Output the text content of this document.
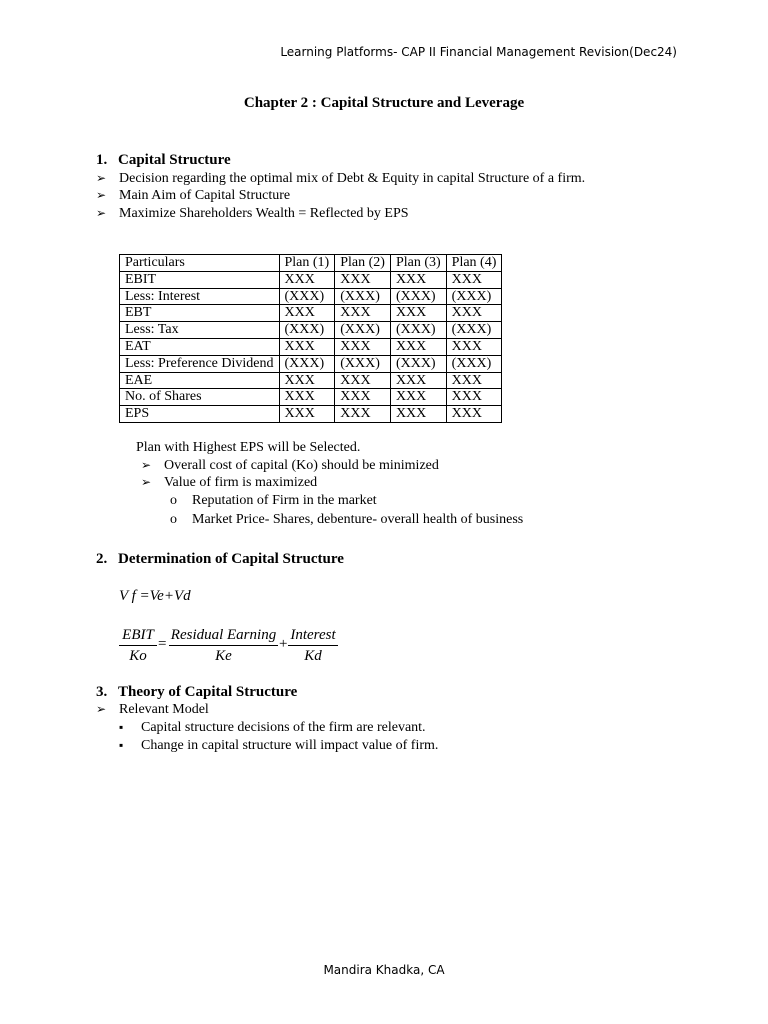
Learning Platforms- CAP II Financial Management Revision(Dec24)
Chapter 2 : Capital Structure and Leverage
1. Capital Structure
➢ Decision regarding the optimal mix of Debt & Equity in capital Structure of a firm.
➢ Main Aim of Capital Structure
➢ Maximize Shareholders Wealth = Reflected by EPS
Particulars	Plan (1)	Plan (2)	Plan (3)	Plan (4)
EBIT	XXX	XXX	XXX	XXX
Less: Interest	(XXX)	(XXX)	(XXX)	(XXX)
EBT	XXX	XXX	XXX	XXX
Less: Tax	(XXX)	(XXX)	(XXX)	(XXX)
EAT	XXX	XXX	XXX	XXX
Less: Preference Dividend	(XXX)	(XXX)	(XXX)	(XXX)
EAE	XXX	XXX	XXX	XXX
No. of Shares	XXX	XXX	XXX	XXX
EPS	XXX	XXX	XXX	XXX
Plan with Highest EPS will be Selected.
➢ Overall cost of capital (Ko) should be minimized
➢ Value of firm is maximized
o Reputation of Firm in the market
o Market Price- Shares, debenture- overall health of business
2. Determination of Capital Structure
V f =Ve+Vd
EBIT
Ko
=
Residual Earning
Ke
+
Interest
Kd
3. Theory of Capital Structure
➢ Relevant Model
▪ Capital structure decisions of the firm are relevant.
▪ Change in capital structure will impact value of firm.
Mandira Khadka, CA
